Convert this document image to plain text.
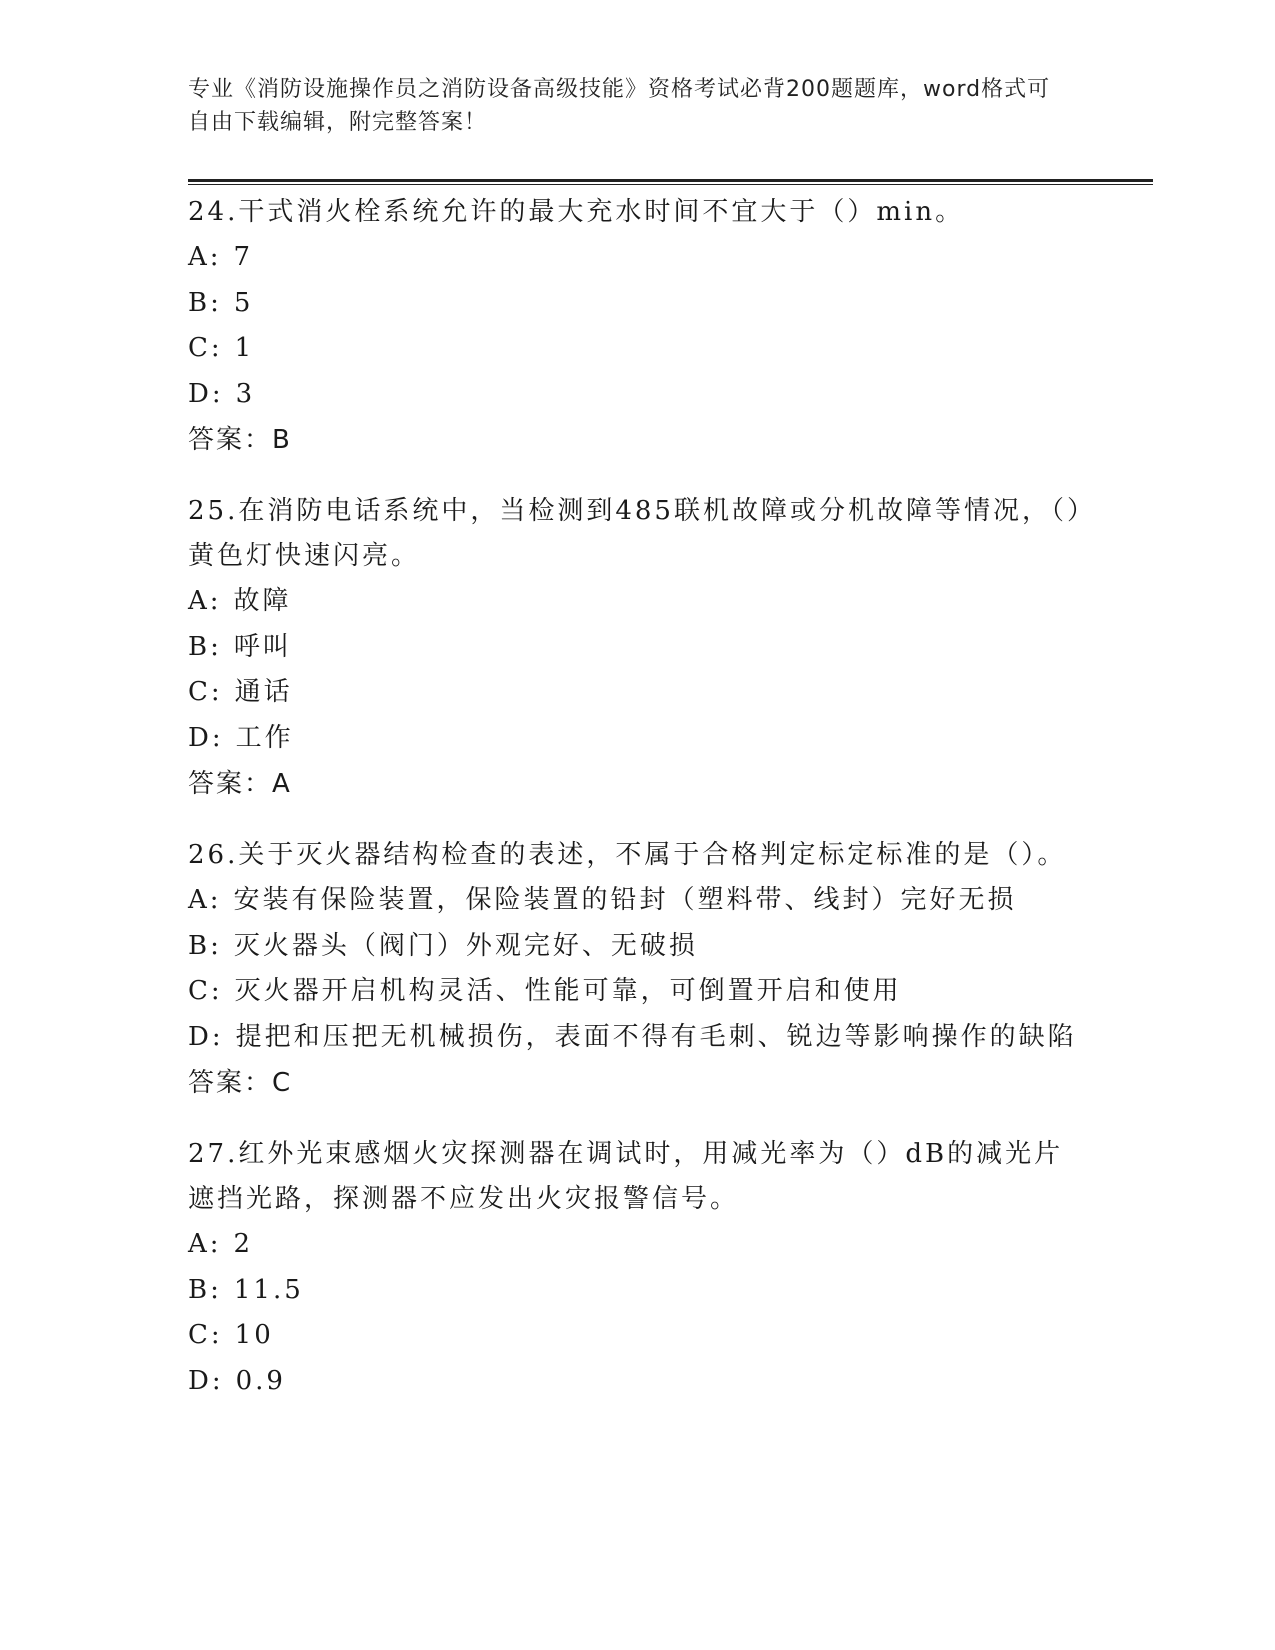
专业《消防设施操作员之消防设备高级技能》资格考试必背200题题库，word格式可自由下载编辑，附完整答案！
24.干式消火栓系统允许的最大充水时间不宜大于（）min。
A: 7
B: 5
C: 1
D: 3
答案：B
25.在消防电话系统中，当检测到485联机故障或分机故障等情况，（）黄色灯快速闪亮。
A: 故障
B: 呼叫
C: 通话
D: 工作
答案：A
26.关于灭火器结构检查的表述，不属于合格判定标定标准的是（）。
A: 安装有保险装置，保险装置的铅封（塑料带、线封）完好无损
B: 灭火器头（阀门）外观完好、无破损
C: 灭火器开启机构灵活、性能可靠，可倒置开启和使用
D: 提把和压把无机械损伤，表面不得有毛刺、锐边等影响操作的缺陷
答案：C
27.红外光束感烟火灾探测器在调试时，用减光率为（）dB的减光片遮挡光路，探测器不应发出火灾报警信号。
A: 2
B: 11.5
C: 10
D: 0.9
